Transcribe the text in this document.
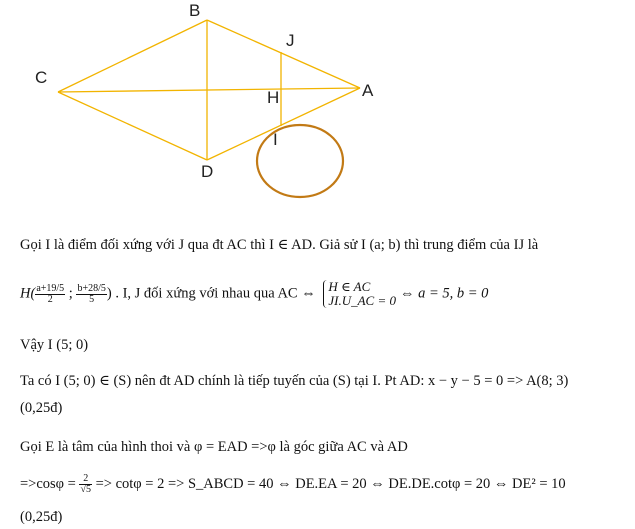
B
J
C
A
H
I
D
Gọi I là điểm đối xứng với J qua đt AC thì I ∈ AD. Giả sử I (a; b) thì trung điểm của IJ là
$H( \frac{a+19/5}{2}$ ; $\frac{b+28/5}{5}$ ) . I, J đối xứng với nhau qua AC ⇔ H ∈ AC
JI.U_AC = 0 ⇔ a = 5, b = 0
Vậy I (5; 0)
Ta có I (5; 0) ∈ (S) nên đt AD chính là tiếp tuyến của (S) tại I. Pt AD: x − y − 5 = 0 => A(8; 3)
(0,25đ)
Gọi E là tâm của hình thoi và φ = EAD =>φ là góc giữa AC và AD
$=>\cos\varphi = \frac{2}{√5} => \cot\varphi = 2$ => S_ABCD = 40 ⇔ DE.EA = 20 ⇔ DE.DE.cotφ = 20 ⇔ DE² = 10
(0,25đ)
